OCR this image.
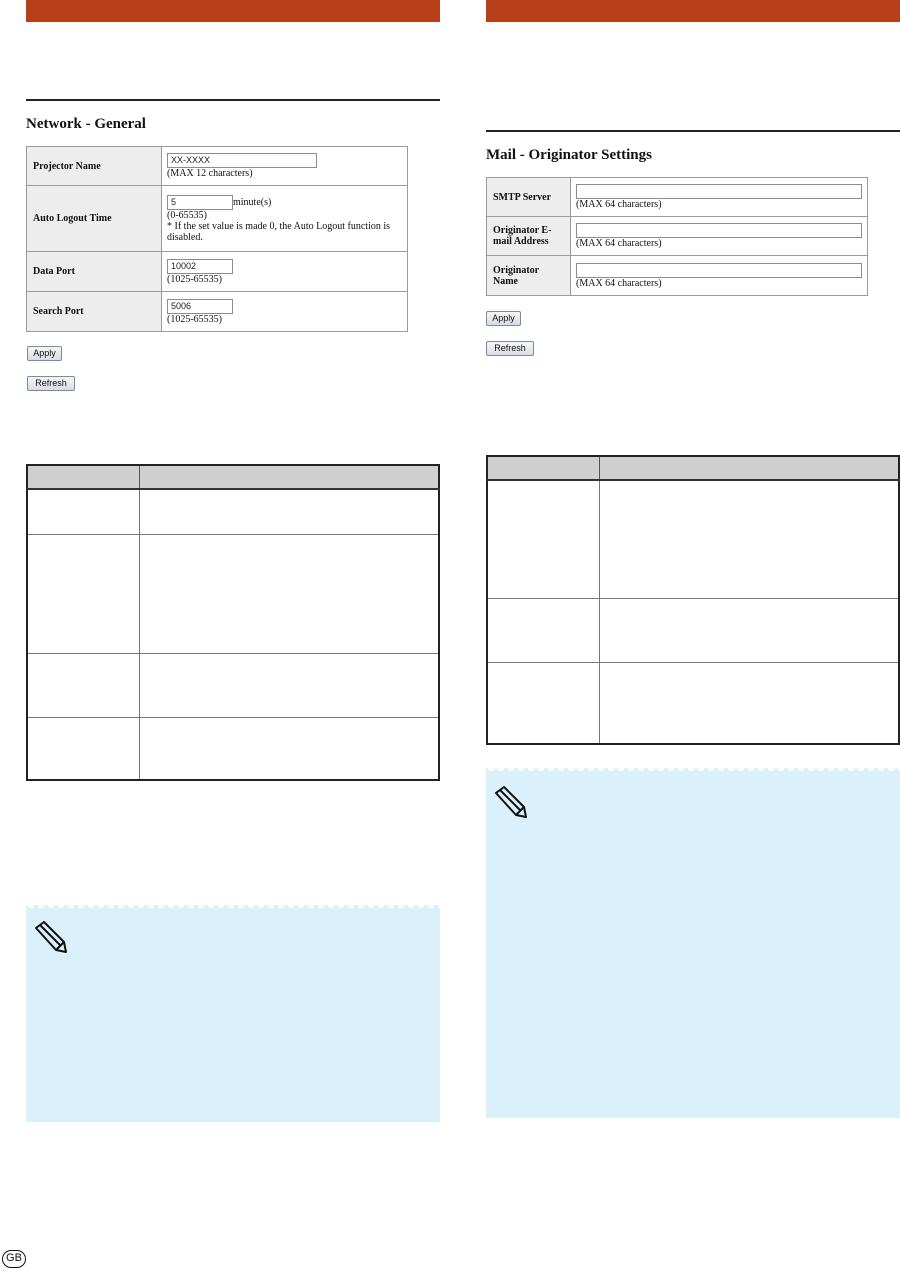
Network - General
Projector Name	XX-XXXX
(MAX 12 characters)
Auto Logout Time	5 minute(s)
(0-65535)
* If the set value is made 0, the Auto Logout function is disabled.
Data Port	10002
(1025-65535)
Search Port	5006
(1025-65535)
Apply
Refresh

Mail - Originator Settings
SMTP Server	(MAX 64 characters)
Originator E-
mail Address	(MAX 64 characters)
Originator
Name	(MAX 64 characters)
Apply
Refresh

GB
